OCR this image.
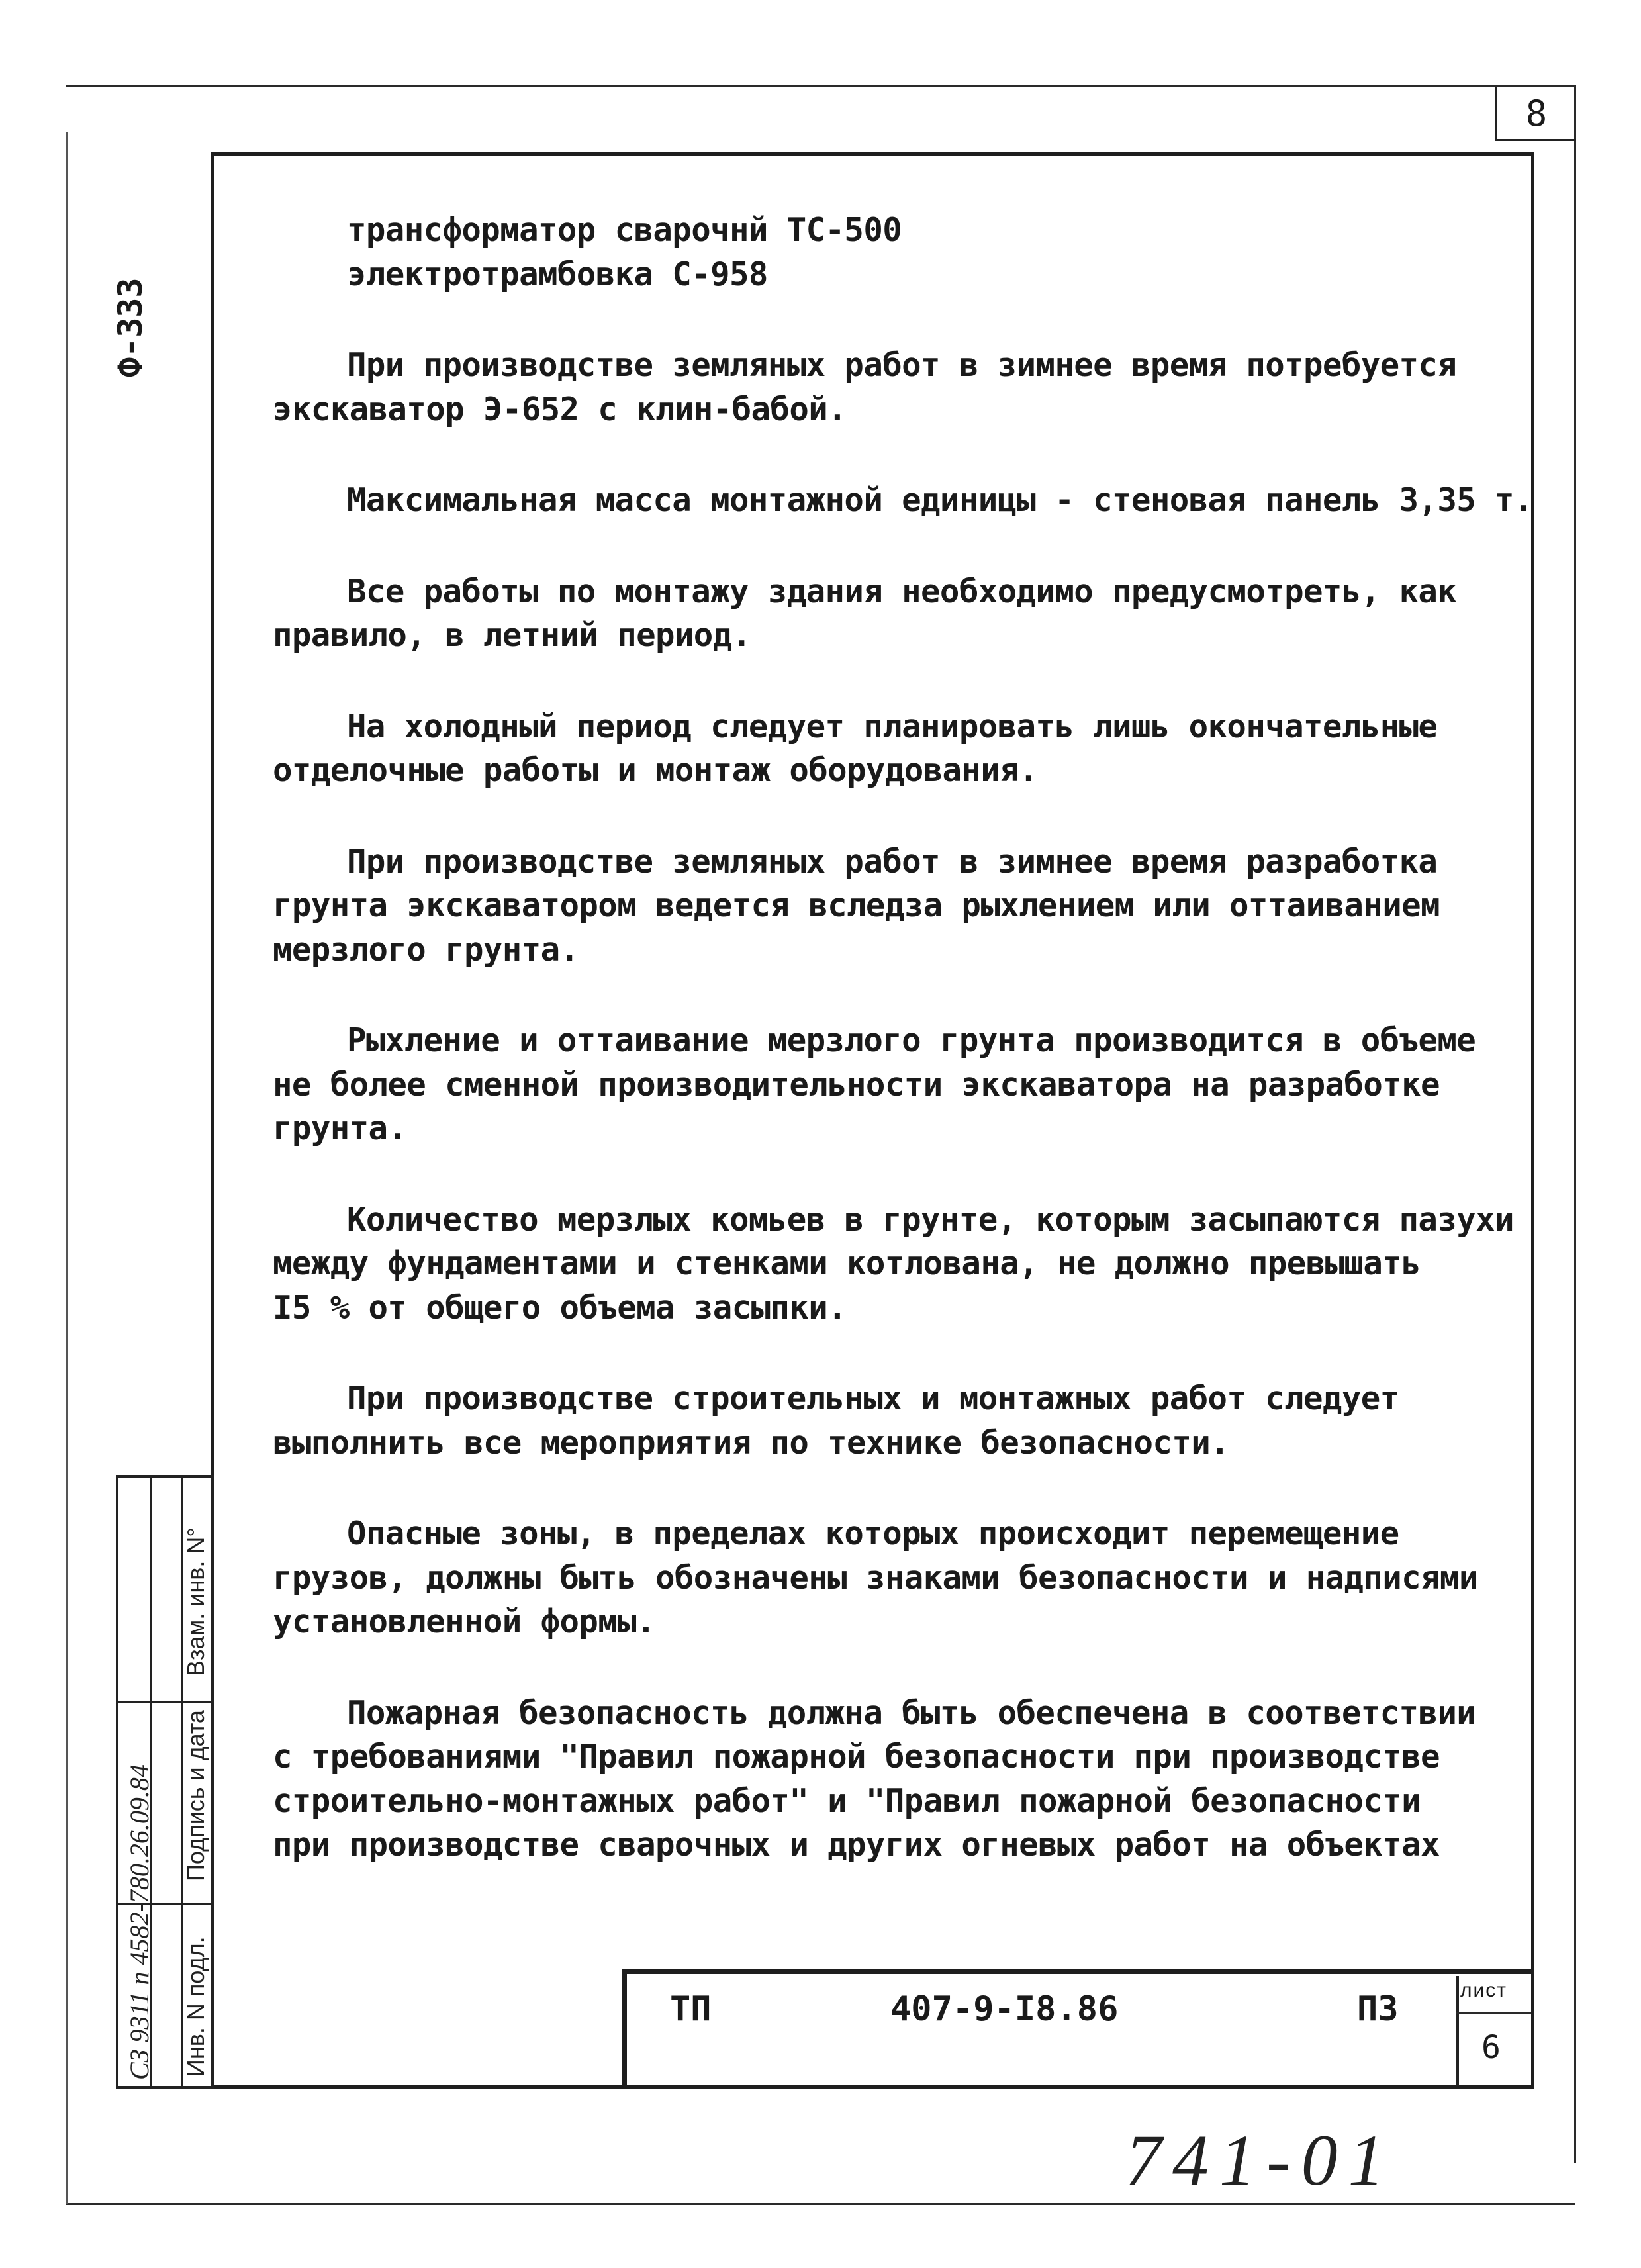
8
Ф-333

трансформатор сварочнй ТС-500
электротрамбовка С-958

При производстве земляных работ в зимнее время потребуется
экскаватор Э-652 с клин-бабой.

Максимальная масса монтажной единицы - стеновая панель 3,35 т.

Все работы по монтажу здания необходимо предусмотреть, как
правило, в летний период.

На холодный период следует планировать лишь окончательные
отделочные работы и монтаж оборудования.

При производстве земляных работ в зимнее время разработка
грунта экскаватором ведется вследза рыхлением или оттаиванием
мерзлого грунта.

Рыхление и оттаивание мерзлого грунта производится в объеме
не более сменной производительности экскаватора на разработке
грунта.

Количество мерзлых комьев в грунте, которым засыпаются пазухи
между фундаментами и стенками котлована, не должно превышать
I5 % от общего объема засыпки.

При производстве строительных и монтажных работ следует
выполнить все мероприятия по технике безопасности.

Опасные зоны, в пределах которых происходит перемещение
грузов, должны быть обозначены знаками безопасности и надписями
установленной формы.

Пожарная безопасность должна быть обеспечена в соответствии
с требованиями "Правил пожарной безопасности при производстве
строительно-монтажных работ" и "Правил пожарной безопасности
при производстве сварочных и других огневых работ на объектах

Взам. инв. N°
Подпись и дата
Инв. N подл.
СЗ 9311 п 4582-780.26.09.84	ТП	407-9-I8.86	ПЗ	лист
6
741-01
